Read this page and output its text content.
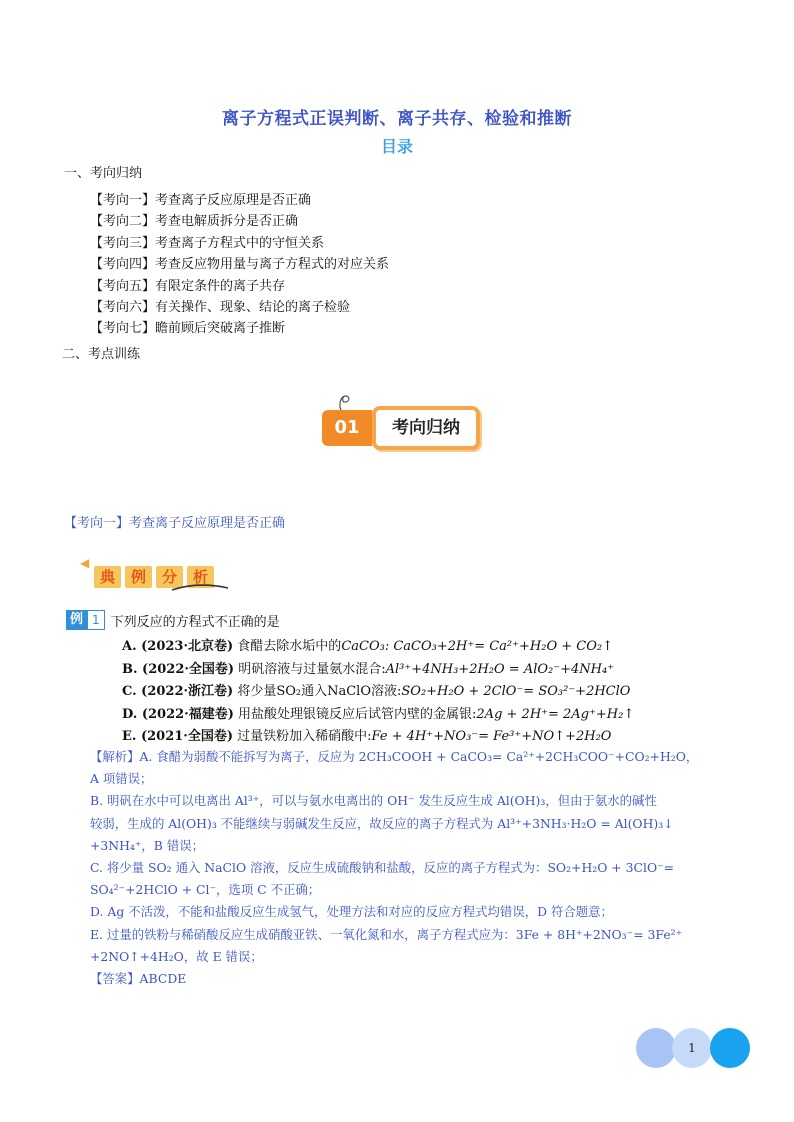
离子方程式正误判断、离子共存、检验和推断
目录
一、考向归纳
【考向一】考查离子反应原理是否正确
【考向二】考查电解质拆分是否正确
【考向三】考查离子方程式中的守恒关系
【考向四】考查反应物用量与离子方程式的对应关系
【考向五】有限定条件的离子共存
【考向六】有关操作、现象、结论的离子检验
【考向七】瞻前顾后突破离子推断
二、考点训练
01	考向归纳
【考向一】考查离子反应原理是否正确
◀
典	例	分	析
例 1 下列反应的方程式不正确的是
A. (2023·北京卷) 食醋去除水垢中的CaCO₃: CaCO₃+2H⁺= Ca²⁺+H₂O + CO₂↑
B. (2022·全国卷) 明矾溶液与过量氨水混合:Al³⁺+4NH₃+2H₂O = AlO₂⁻+4NH₄⁺
C. (2022·浙江卷) 将少量SO₂通入NaClO溶液:SO₂+H₂O + 2ClO⁻= SO₃²⁻+2HClO
D. (2022·福建卷) 用盐酸处理银镜反应后试管内壁的金属银:2Ag + 2H⁺= 2Ag⁺+H₂↑
E. (2021·全国卷) 过量铁粉加入稀硝酸中:Fe + 4H⁺+NO₃⁻= Fe³⁺+NO↑+2H₂O
【解析】A. 食醋为弱酸不能拆写为离子，反应为 2CH₃COOH + CaCO₃= Ca²⁺+2CH₃COO⁻+CO₂+H₂O，
A 项错误；
B. 明矾在水中可以电离出 Al³⁺，可以与氨水电离出的 OH⁻ 发生反应生成 Al(OH)₃，但由于氨水的碱性
较弱，生成的 Al(OH)₃ 不能继续与弱碱发生反应，故反应的离子方程式为 Al³⁺+3NH₃·H₂O = Al(OH)₃↓
+3NH₄⁺，B 错误；
C. 将少量 SO₂ 通入 NaClO 溶液，反应生成硫酸钠和盐酸，反应的离子方程式为：SO₂+H₂O + 3ClO⁻=
SO₄²⁻+2HClO + Cl⁻，选项 C 不正确；
D. Ag 不活泼，不能和盐酸反应生成氢气，处理方法和对应的反应方程式均错误，D 符合题意；
E. 过量的铁粉与稀硝酸反应生成硝酸亚铁、一氧化氮和水，离子方程式应为：3Fe + 8H⁺+2NO₃⁻= 3Fe²⁺
+2NO↑+4H₂O，故 E 错误；
【答案】ABCDE
1
